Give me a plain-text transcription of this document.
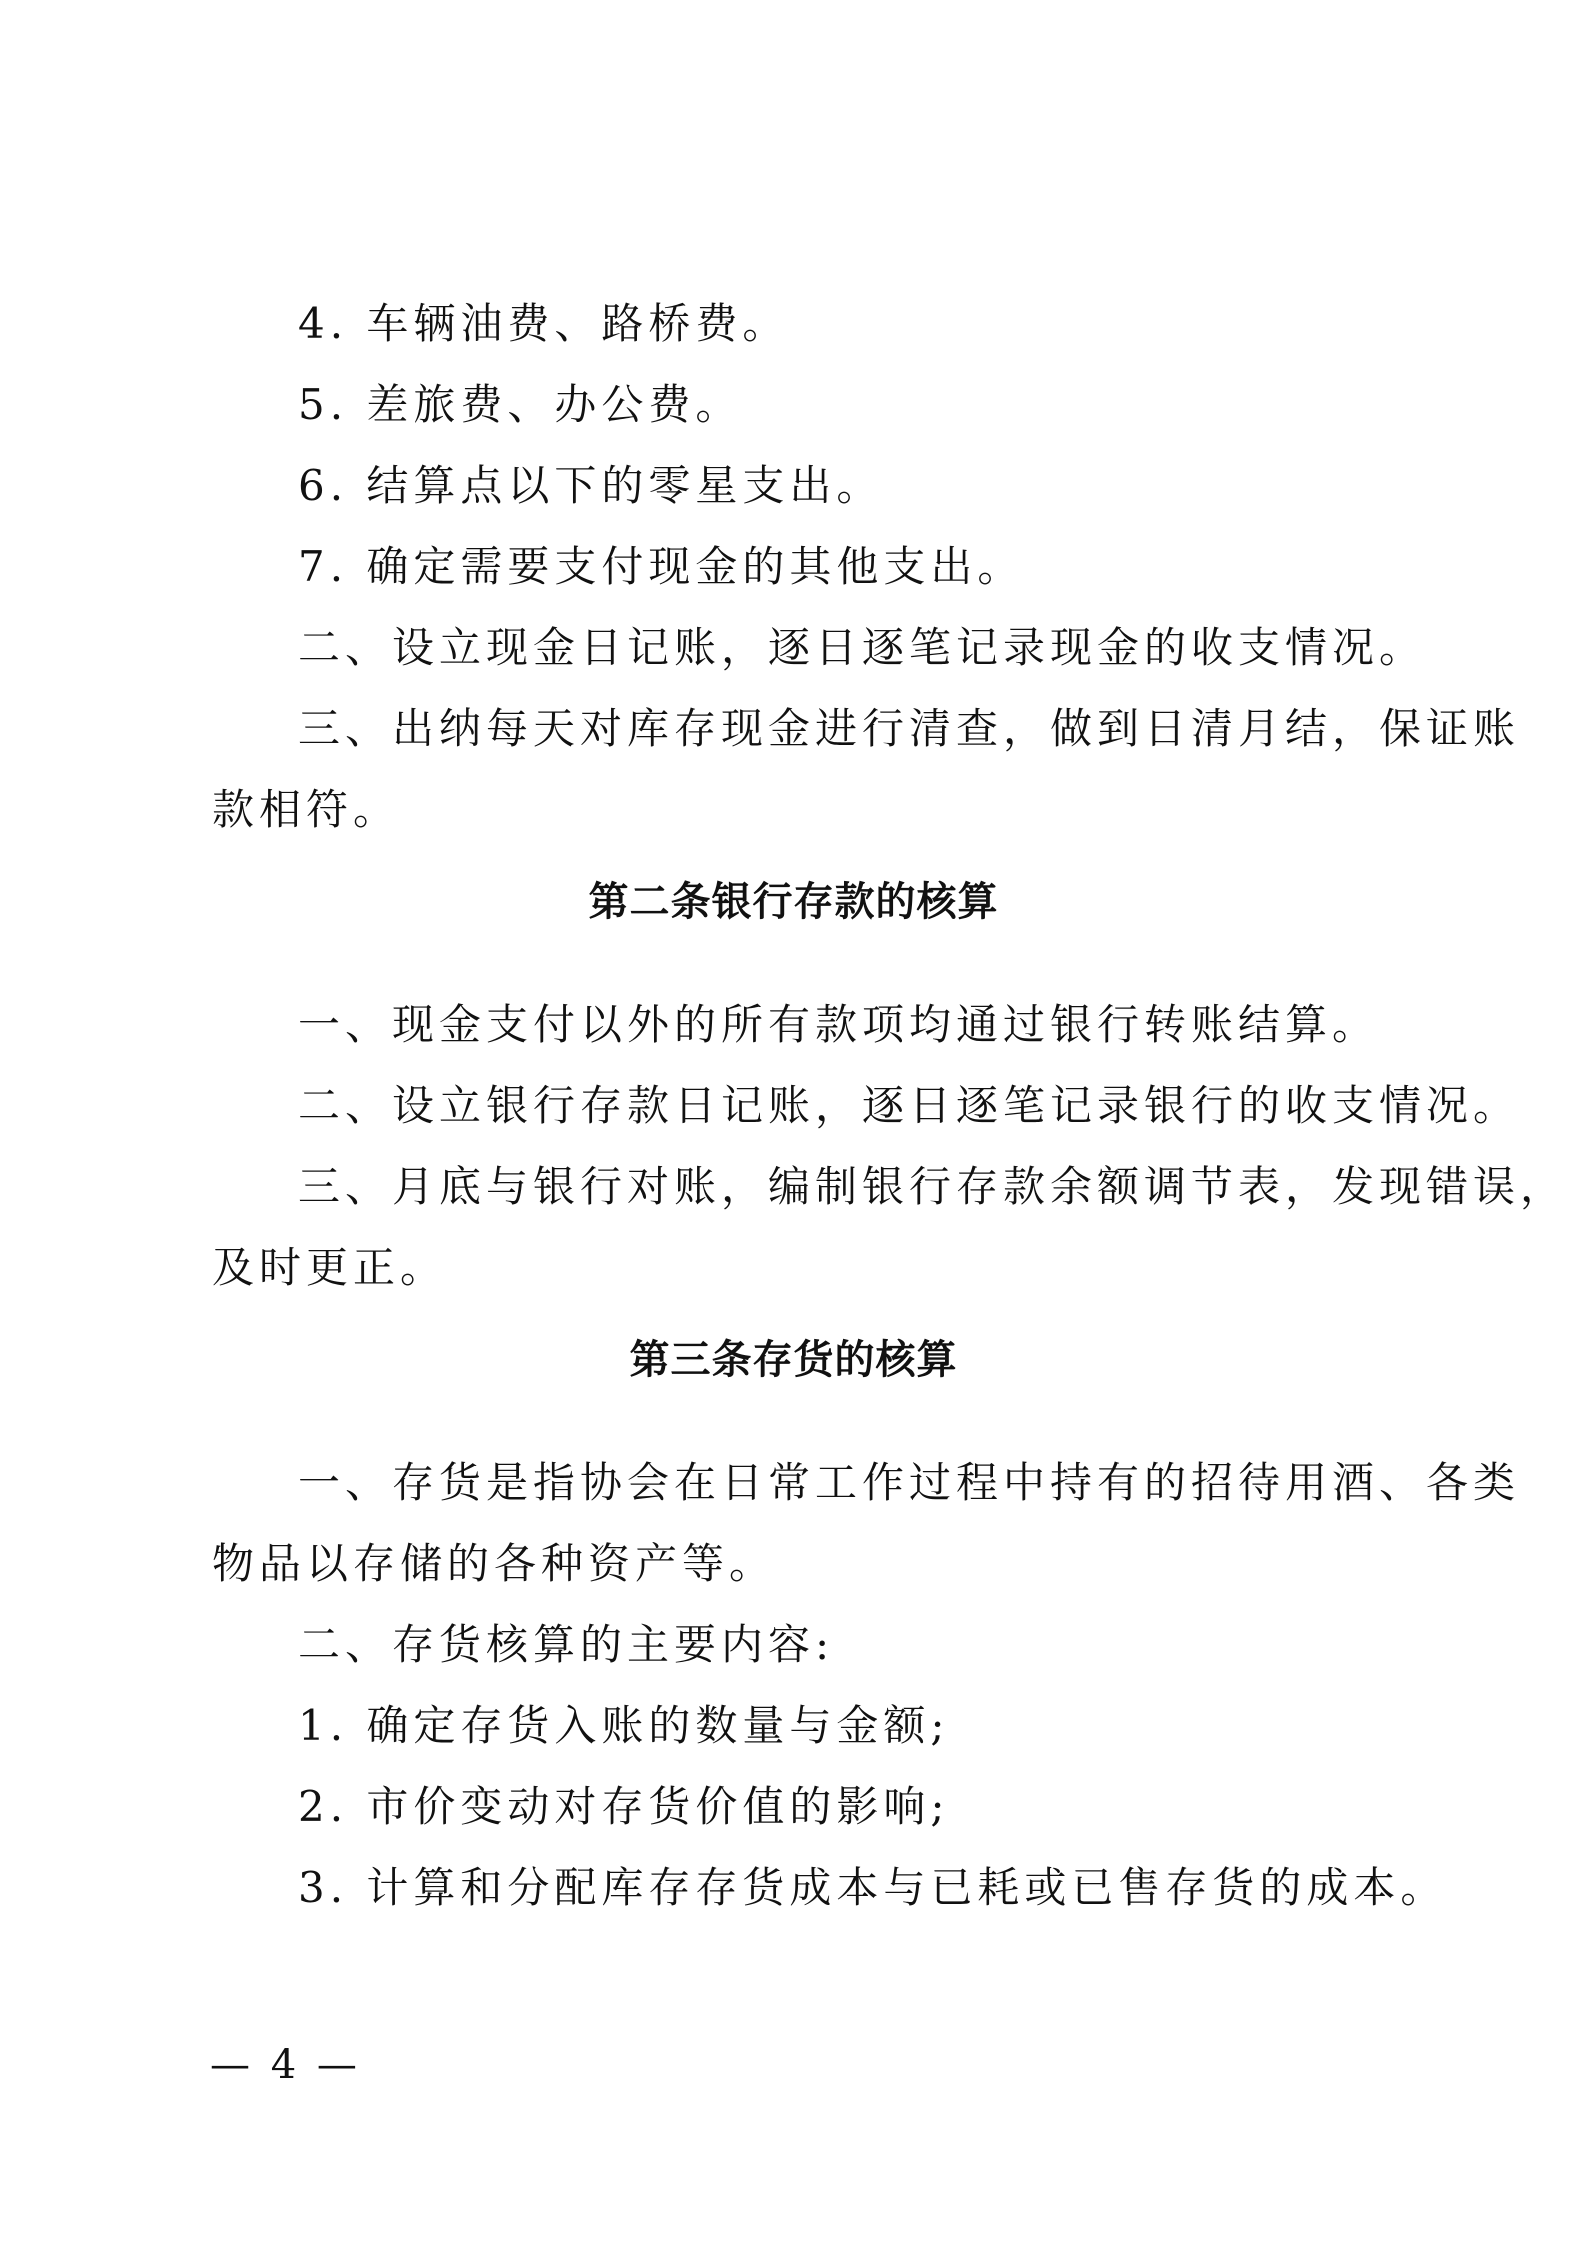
4. 车辆油费、路桥费。

5. 差旅费、办公费。

6. 结算点以下的零星支出。

7. 确定需要支付现金的其他支出。

二、设立现金日记账，逐日逐笔记录现金的收支情况。

三、出纳每天对库存现金进行清查，做到日清月结，保证账

款相符。

第二条银行存款的核算

一、现金支付以外的所有款项均通过银行转账结算。

二、设立银行存款日记账，逐日逐笔记录银行的收支情况。

三、月底与银行对账，编制银行存款余额调节表，发现错误，

及时更正。

第三条存货的核算

一、存货是指协会在日常工作过程中持有的招待用酒、各类

物品以存储的各种资产等。

二、存货核算的主要内容:

1. 确定存货入账的数量与金额;

2. 市价变动对存货价值的影响;

3. 计算和分配库存存货成本与已耗或已售存货的成本。

— 4 —
